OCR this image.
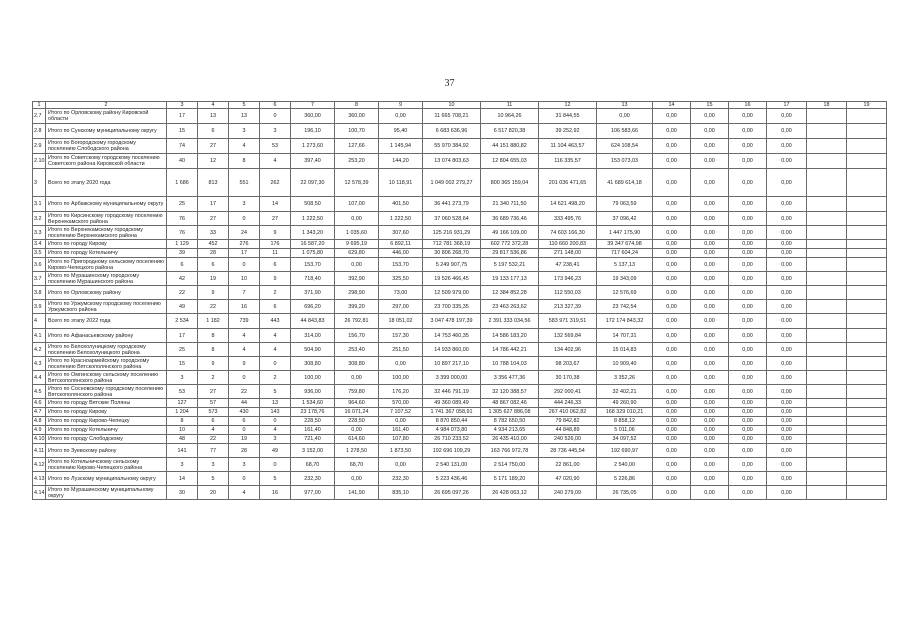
37
1	2	3	4	5	6	7	8	9	10	11	12	13	14	15	16	17	18	19
2.7	Итого по Орловскому району Кировской области	17	13	13	0	360,00	360,00	0,00	11 665 708,21	10 964,26	31 844,55	0,00	0,00	0,00	0,00	0,00		
2.8	Итого по Сунскому муниципальному округу	15	6	3	3	196,10	100,70	95,40	6 683 636,96	6 517 820,38	39 252,92	106 583,66	0,00	0,00	0,00	0,00		
2.9	Итого по Богородскому городскому поселению Слободского района	74	27	4	53	1 273,60	127,66	1 145,94	55 970 384,92	44 151 880,82	11 104 463,57	624 108,54	0,00	0,00	0,00	0,00		
2.10	Итого по Советскому городскому поселению Советского района Кировской области	40	12	8	4	397,40	253,20	144,20	13 074 803,63	12 804 655,03	116 335,57	153 073,03	0,00	0,00	0,00	0,00		
3	Всего по этапу 2020 года	1 686	813	551	262	22 097,30	12 578,39	10 118,91	1 049 002 279,27	800 365 159,04	201 036 471,65	41 689 614,18	0,00	0,00	0,00	0,00		
3.1	Итого по Арбажскому муниципальному округу	25	17	3	14	508,50	107,00	401,50	36 441 273,79	21 340 711,50	14 621 498,20	79 063,59	0,00	0,00	0,00	0,00		
3.2	Итого по Кирсинскому городскому поселению Верхнекамского района	76	27	0	27	1 222,50	0,00	1 222,50	37 060 528,64	36 689 736,46	333 495,76	37 096,42	0,00	0,00	0,00	0,00		
3.3	Итого по Верхнекамскому городскому поселению Верхнекамского района	76	33	24	9	1 343,20	1 035,60	307,60	125 216 931,29	49 166 109,00	74 603 166,30	1 447 175,90	0,00	0,00	0,00	0,00		
3.4	Итого по городу Кирову	1 129	452	276	176	16 587,20	9 695,19	6 892,11	712 781 368,19	602 772 372,28	110 660 200,83	39 347 674,98	0,00	0,00	0,00	0,00		
3.5	Итого по городу Котельничу	39	28	17	11	1 075,80	629,80	446,00	30 806 268,70	29 817 536,86	271 148,00	717 604,24	0,00	0,00	0,00	0,00		
3.6	Итого по Пригородному сельскому поселению Кирово-Чепецкого района	6	6	0	6	153,70	0,00	153,70	5 249 907,75	5 197 532,21	47 238,41	5 137,13	0,00	0,00	0,00	0,00		
3.7	Итого по Мурашинскому городскому поселению Мурашинского района	42	19	10	9	718,40	392,90	325,50	19 526 466,45	19 133 177,13	173 946,23	19 343,09	0,00	0,00	0,00	0,00		
3.8	Итого по Орловскому району	22	9	7	2	371,90	298,90	73,00	12 509 979,00	12 384 852,28	112 550,03	12 576,69	0,00	0,00	0,00	0,00		
3.9	Итого по Уржумскому городскому поселению Уржумского района	49	22	16	6	696,20	399,20	297,00	23 700 335,35	23 463 263,62	213 327,39	23 742,54	0,00	0,00	0,00	0,00		
4	Всего по этапу 2022 года	2 534	1 182	739	443	44 843,83	26 792,81	18 051,02	3 047 478 197,39	2 391 333 034,56	583 971 319,51	172 174 843,32	0,00	0,00	0,00	0,00		
4.1	Итого по Афанасьевскому району	17	8	4	4	314,00	156,70	157,30	14 753 460,35	14 586 183,20	132 569,84	14 707,31	0,00	0,00	0,00	0,00		
4.2	Итого по Белохолуницкому городскому поселению Белохолуницкого района	25	8	4	4	504,90	253,40	251,50	14 933 860,00	14 786 442,21	134 402,96	15 014,83	0,00	0,00	0,00	0,00		
4.3	Итого по Красноармейскому городскому поселению Вятскополянского района	15	9	9	0	308,80	308,80	0,00	10 897 217,10	10 788 104,03	98 203,67	10 909,40	0,00	0,00	0,00	0,00		
4.4	Итого по Омгинскому сельскому поселению Вятскополянского района	3	2	0	2	100,00	0,00	100,00	3 399 000,00	3 356 477,36	30 170,38	3 352,26	0,00	0,00	0,00	0,00		
4.5	Итого по Сосновскому городскому поселению Вятскополянского района	53	27	22	5	936,00	759,80	176,20	32 446 791,19	32 120 388,57	292 000,41	32 402,21	0,00	0,00	0,00	0,00		
4.6	Итого по городу Вятские Поляны	127	57	44	13	1 534,60	964,60	570,00	49 360 089,49	48 867 082,46	444 246,33	49 260,90	0,00	0,00	0,00	0,00		
4.7	Итого по городу Кирову	1 204	573	430	143	23 178,76	16 071,24	7 107,52	1 741 367 058,91	1 305 627 886,08	267 410 062,82	168 329 010,21	0,00	0,00	0,00	0,00		
4.8	Итого по городу Кирово-Чепецку	8	6	6	0	228,50	228,50	0,00	8 870 850,44	8 782 650,50	79 842,82	8 858,12	0,00	0,00	0,00	0,00		
4.9	Итого по городу Котельничу	10	4	0	4	161,40	0,00	161,40	4 984 073,80	4 934 213,65	44 848,89	5 011,06	0,00	0,00	0,00	0,00		
4.10	Итого по городу Слободскому	48	22	19	3	721,40	614,60	107,80	26 710 233,52	26 435 410,00	240 526,00	34 097,52	0,00	0,00	0,00	0,00		
4.11	Итого по Зуевскому району	141	77	28	49	3 152,00	1 278,50	1 873,50	192 696 109,29	163 766 972,78	28 736 445,54	192 690,97	0,00	0,00	0,00	0,00		
4.12	Итого по Котельничскому сельскому поселению Кирово-Чепецкого района	3	3	3	0	68,70	68,70	0,00	2 540 131,00	2 514 750,00	22 861,00	2 540,00	0,00	0,00	0,00	0,00		
4.13	Итого по Лузскому муниципальному округу	14	5	0	5	232,30	0,00	232,30	5 223 436,46	5 171 189,20	47 020,90	5 226,86	0,00	0,00	0,00	0,00		
4.14	Итого по Мурашинскому муниципальному округу	30	20	4	16	977,00	141,90	835,10	26 695 097,26	26 428 063,12	240 279,09	26 735,05	0,00	0,00	0,00	0,00		
